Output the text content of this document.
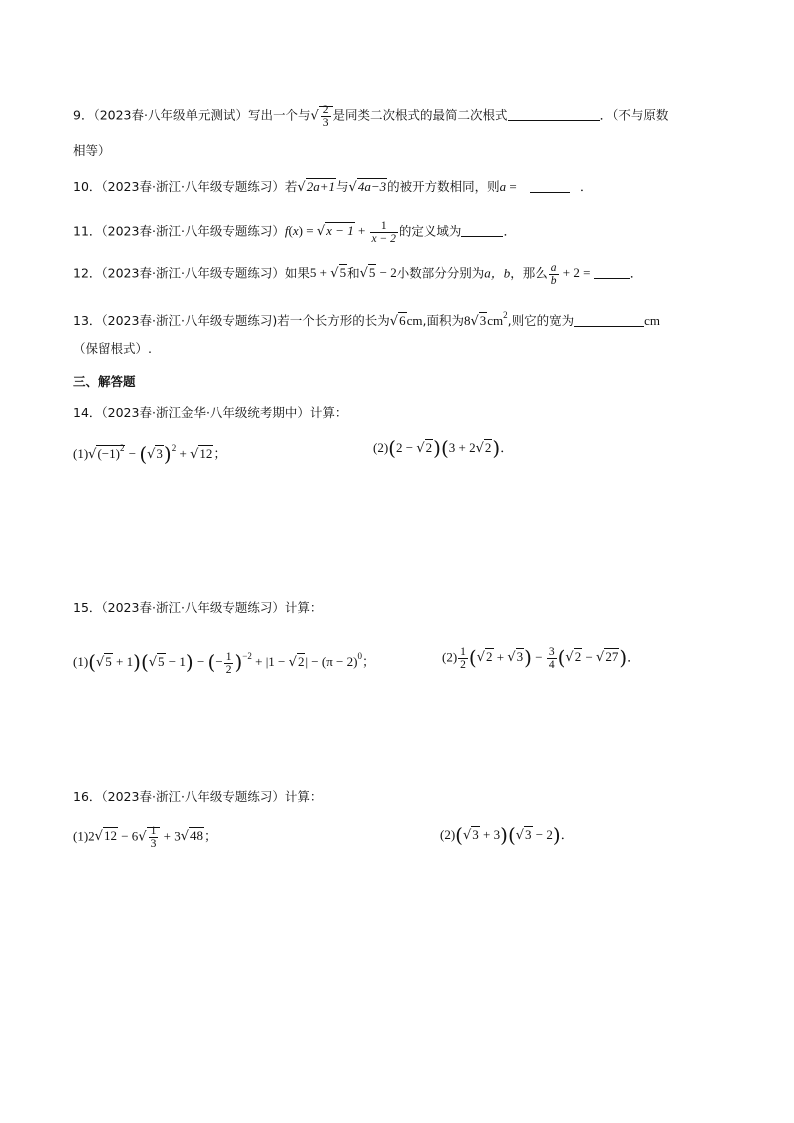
9．（2023春·八年级单元测试）写出一个与√ $\frac{2}{3}$ 是同类二次根式的最简二次根式	．（不与原数
相等）
10．（2023春·浙江·八年级专题练习）若√2a+1与√4a−3的被开方数相同，则a =	．
11．（2023春·浙江·八年级专题练习）$f(x) = √x - 1 + \frac{1}{x - 2}$ 的定义域为	．
12．（2023春·浙江·八年级专题练习）如果5 + √5和√5 − 2小数部分分别为a，b，那么 $\frac{a}{b} + 2$ =	．
13．（2023春·浙江·八年级专题练习)若一个长方形的长为√6cm,面积为$8√3cm^2$,则它的宽为	cm
（保留根式）.
三、解答题
14．（2023春·浙江金华·八年级统考期中）计算：
$(1)√(-1)^2 - (√3)^2 + √12$；	(2)(2 − √2)(3 + 2√2)．
15．（2023春·浙江·八年级专题练习）计算：
(1)(√5 + 1)(√5 − 1) − (− $\frac{1}{2} )^{-2} + |1 - √2| - (\pi - 2)^0$；	$(2) \frac{1}{2} (√2 + √3) - \frac{3}{4} (√2 - √27)$．
16．（2023春·浙江·八年级专题练习）计算：
$(1)2√12 - 6√ \frac{1}{3} + 3√48$；	(2)(√3 + 3)(√3 − 2)．
